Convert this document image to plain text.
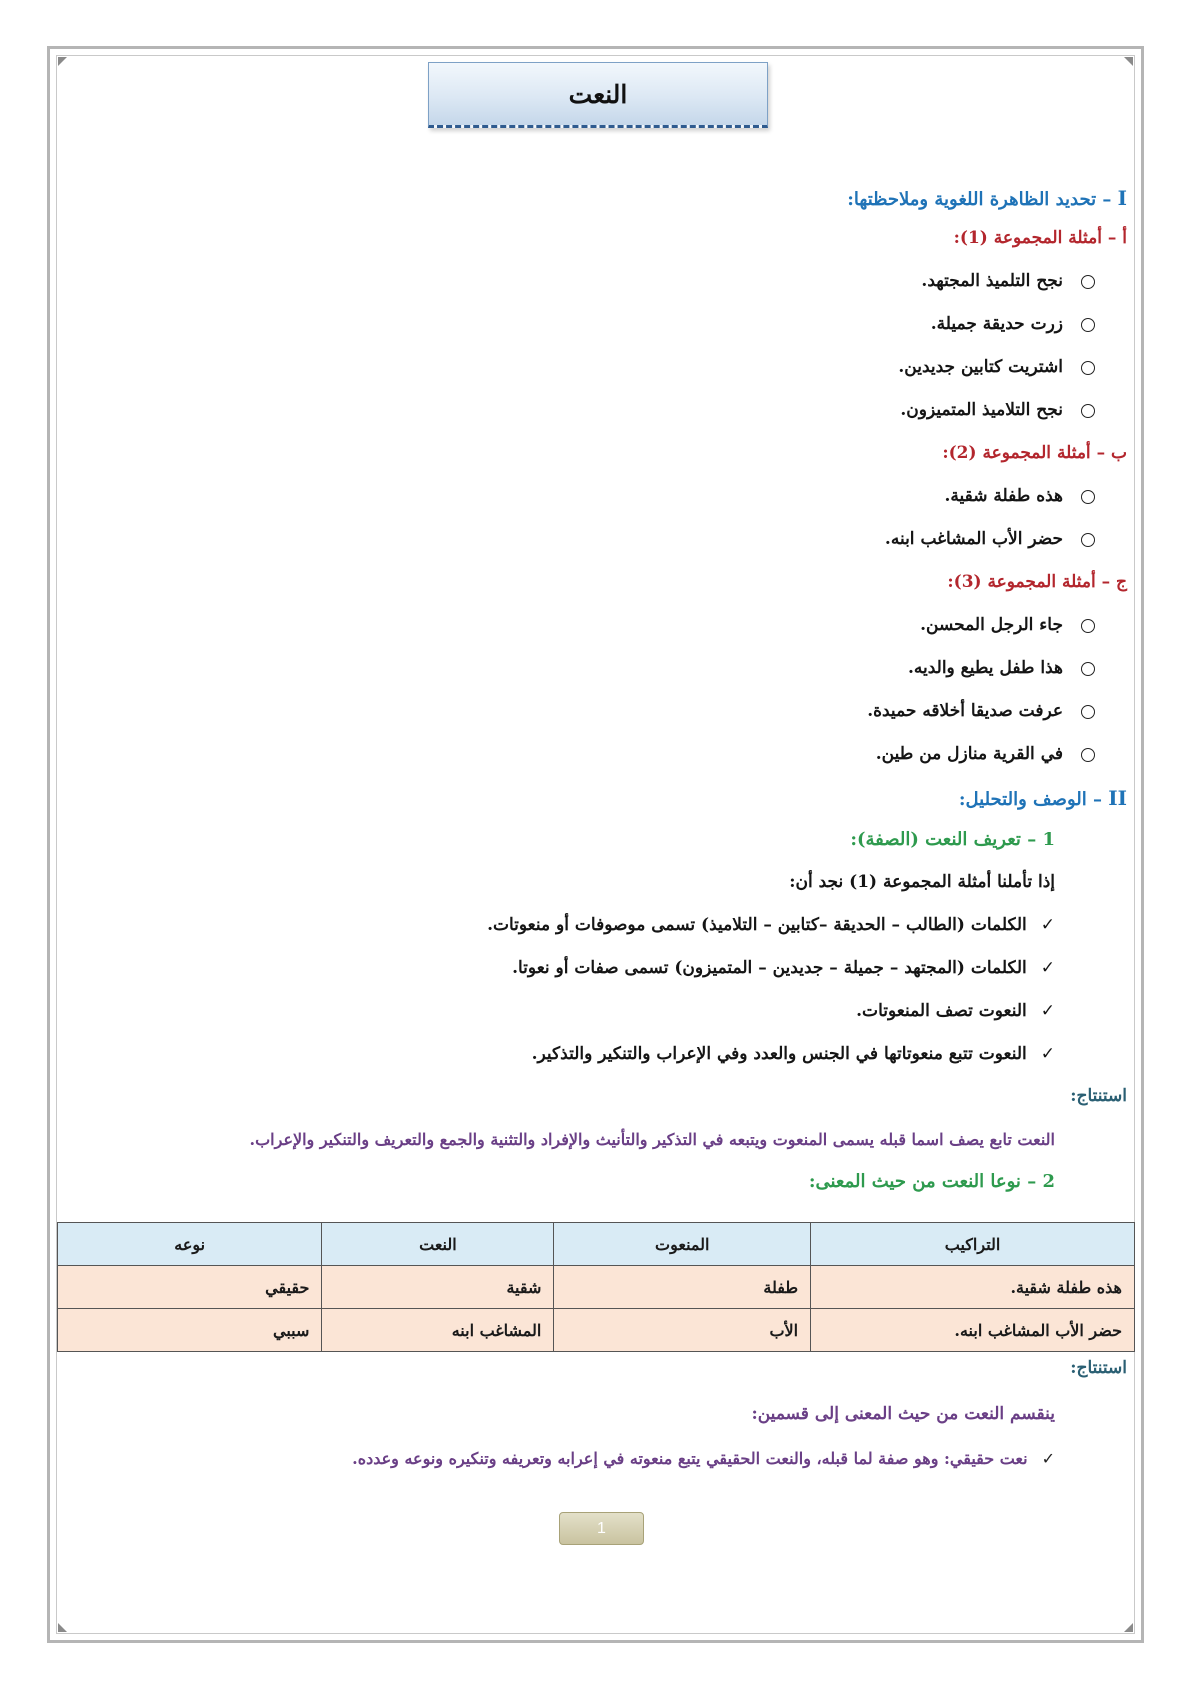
النعت
I – تحديد الظاهرة اللغوية وملاحظتها:
أ – أمثلة المجموعة (1):
نجح التلميذ المجتهد.
زرت حديقة جميلة.
اشتريت كتابين جديدين.
نجح التلاميذ المتميزون.
ب – أمثلة المجموعة (2):
هذه طفلة شقية.
حضر الأب المشاغب ابنه.
ج – أمثلة المجموعة (3):
جاء الرجل المحسن.
هذا طفل يطيع والديه.
عرفت صديقا أخلاقه حميدة.
في القرية منازل من طين.
II – الوصف والتحليل:
1 – تعريف النعت (الصفة):
إذا تأملنا أمثلة المجموعة (1) نجد أن:
✓الكلمات (الطالب – الحديقة –كتابين – التلاميذ) تسمى موصوفات أو منعوتات.
✓الكلمات (المجتهد – جميلة – جديدين – المتميزون) تسمى صفات أو نعوتا.
✓النعوت تصف المنعوتات.
✓النعوت تتبع منعوتاتها في الجنس والعدد وفي الإعراب والتنكير والتذكير.
استنتاج:
النعت تابع يصف اسما قبله يسمى المنعوت ويتبعه في التذكير والتأنيث والإفراد والتثنية والجمع والتعريف والتنكير والإعراب.
2 – نوعا النعت من حيث المعنى:
استنتاج:
ينقسم النعت من حيث المعنى إلى قسمين:
✓نعت حقيقي: وهو صفة لما قبله، والنعت الحقيقي يتبع منعوته في إعرابه وتعريفه وتنكيره ونوعه وعدده.
التراكيب	المنعوت	النعت	نوعه
هذه طفلة شقية.	طفلة	شقية	حقيقي
حضر الأب المشاغب ابنه.	الأب	المشاغب ابنه	سببي
1
